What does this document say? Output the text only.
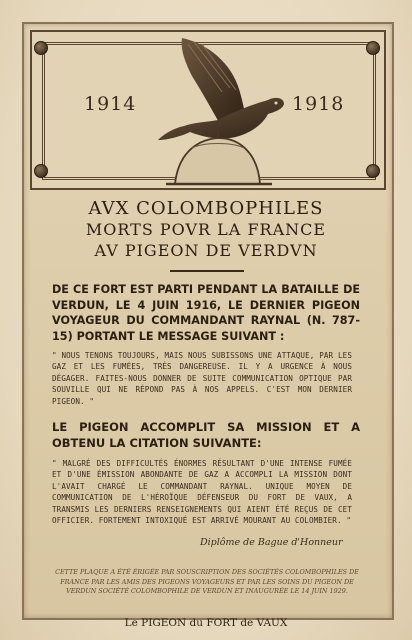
1914	1918
AVX COLOMBOPHILES
MORTS POVR LA FRANCE
AV PIGEON DE VERDVN

DE CE FORT EST PARTI PENDANT LA BATAILLE DE VERDUN, LE 4 JUIN 1916, LE DERNIER PIGEON VOYAGEUR DU COMMANDANT RAYNAL (N. 787-15) PORTANT LE MESSAGE SUIVANT :

" NOUS TENONS TOUJOURS, MAIS NOUS SUBISSONS UNE ATTAQUE, PAR LES GAZ ET LES FUMÉES, TRÈS DANGEREUSE. IL Y A URGENCE À NOUS DÉGAGER. FAITES-NOUS DONNER DE SUITE COMMUNICATION OPTIQUE PAR SOUVILLE QUI NE RÉPOND PAS À NOS APPELS. C'EST MON DERNIER PIGEON. "

LE PIGEON ACCOMPLIT SA MISSION ET A OBTENU LA CITATION SUIVANTE:

" MALGRÉ DES DIFFICULTÉS ÉNORMES RÉSULTANT D'UNE INTENSE FUMÉE ET D'UNE ÉMISSION ABONDANTE DE GAZ A ACCOMPLI LA MISSION DONT L'AVAIT CHARGÉ LE COMMANDANT RAYNAL. UNIQUE MOYEN DE COMMUNICATION DE L'HÉROÏQUE DÉFENSEUR DU FORT DE VAUX, A TRANSMIS LES DERNIERS RENSEIGNEMENTS QUI AIENT ÉTÉ REÇUS DE CET OFFICIER. FORTEMENT INTOXIQUÉ EST ARRIVÉ MOURANT AU COLOMBIER. "

Diplôme de Bague d'Honneur

CETTE PLAQUE A ÉTÉ ÉRIGÉE PAR SOUSCRIPTION DES SOCIÉTÉS COLOMBOPHILES DE FRANCE PAR LES AMIS DES PIGEONS VOYAGEURS ET PAR LES SOINS DU PIGEON DE VERDUN SOCIÉTÉ COLOMBOPHILE DE VERDUN ET INAUGURÉE LE 14 JUIN 1929.

Le PIGEON du FORT de VAUX
